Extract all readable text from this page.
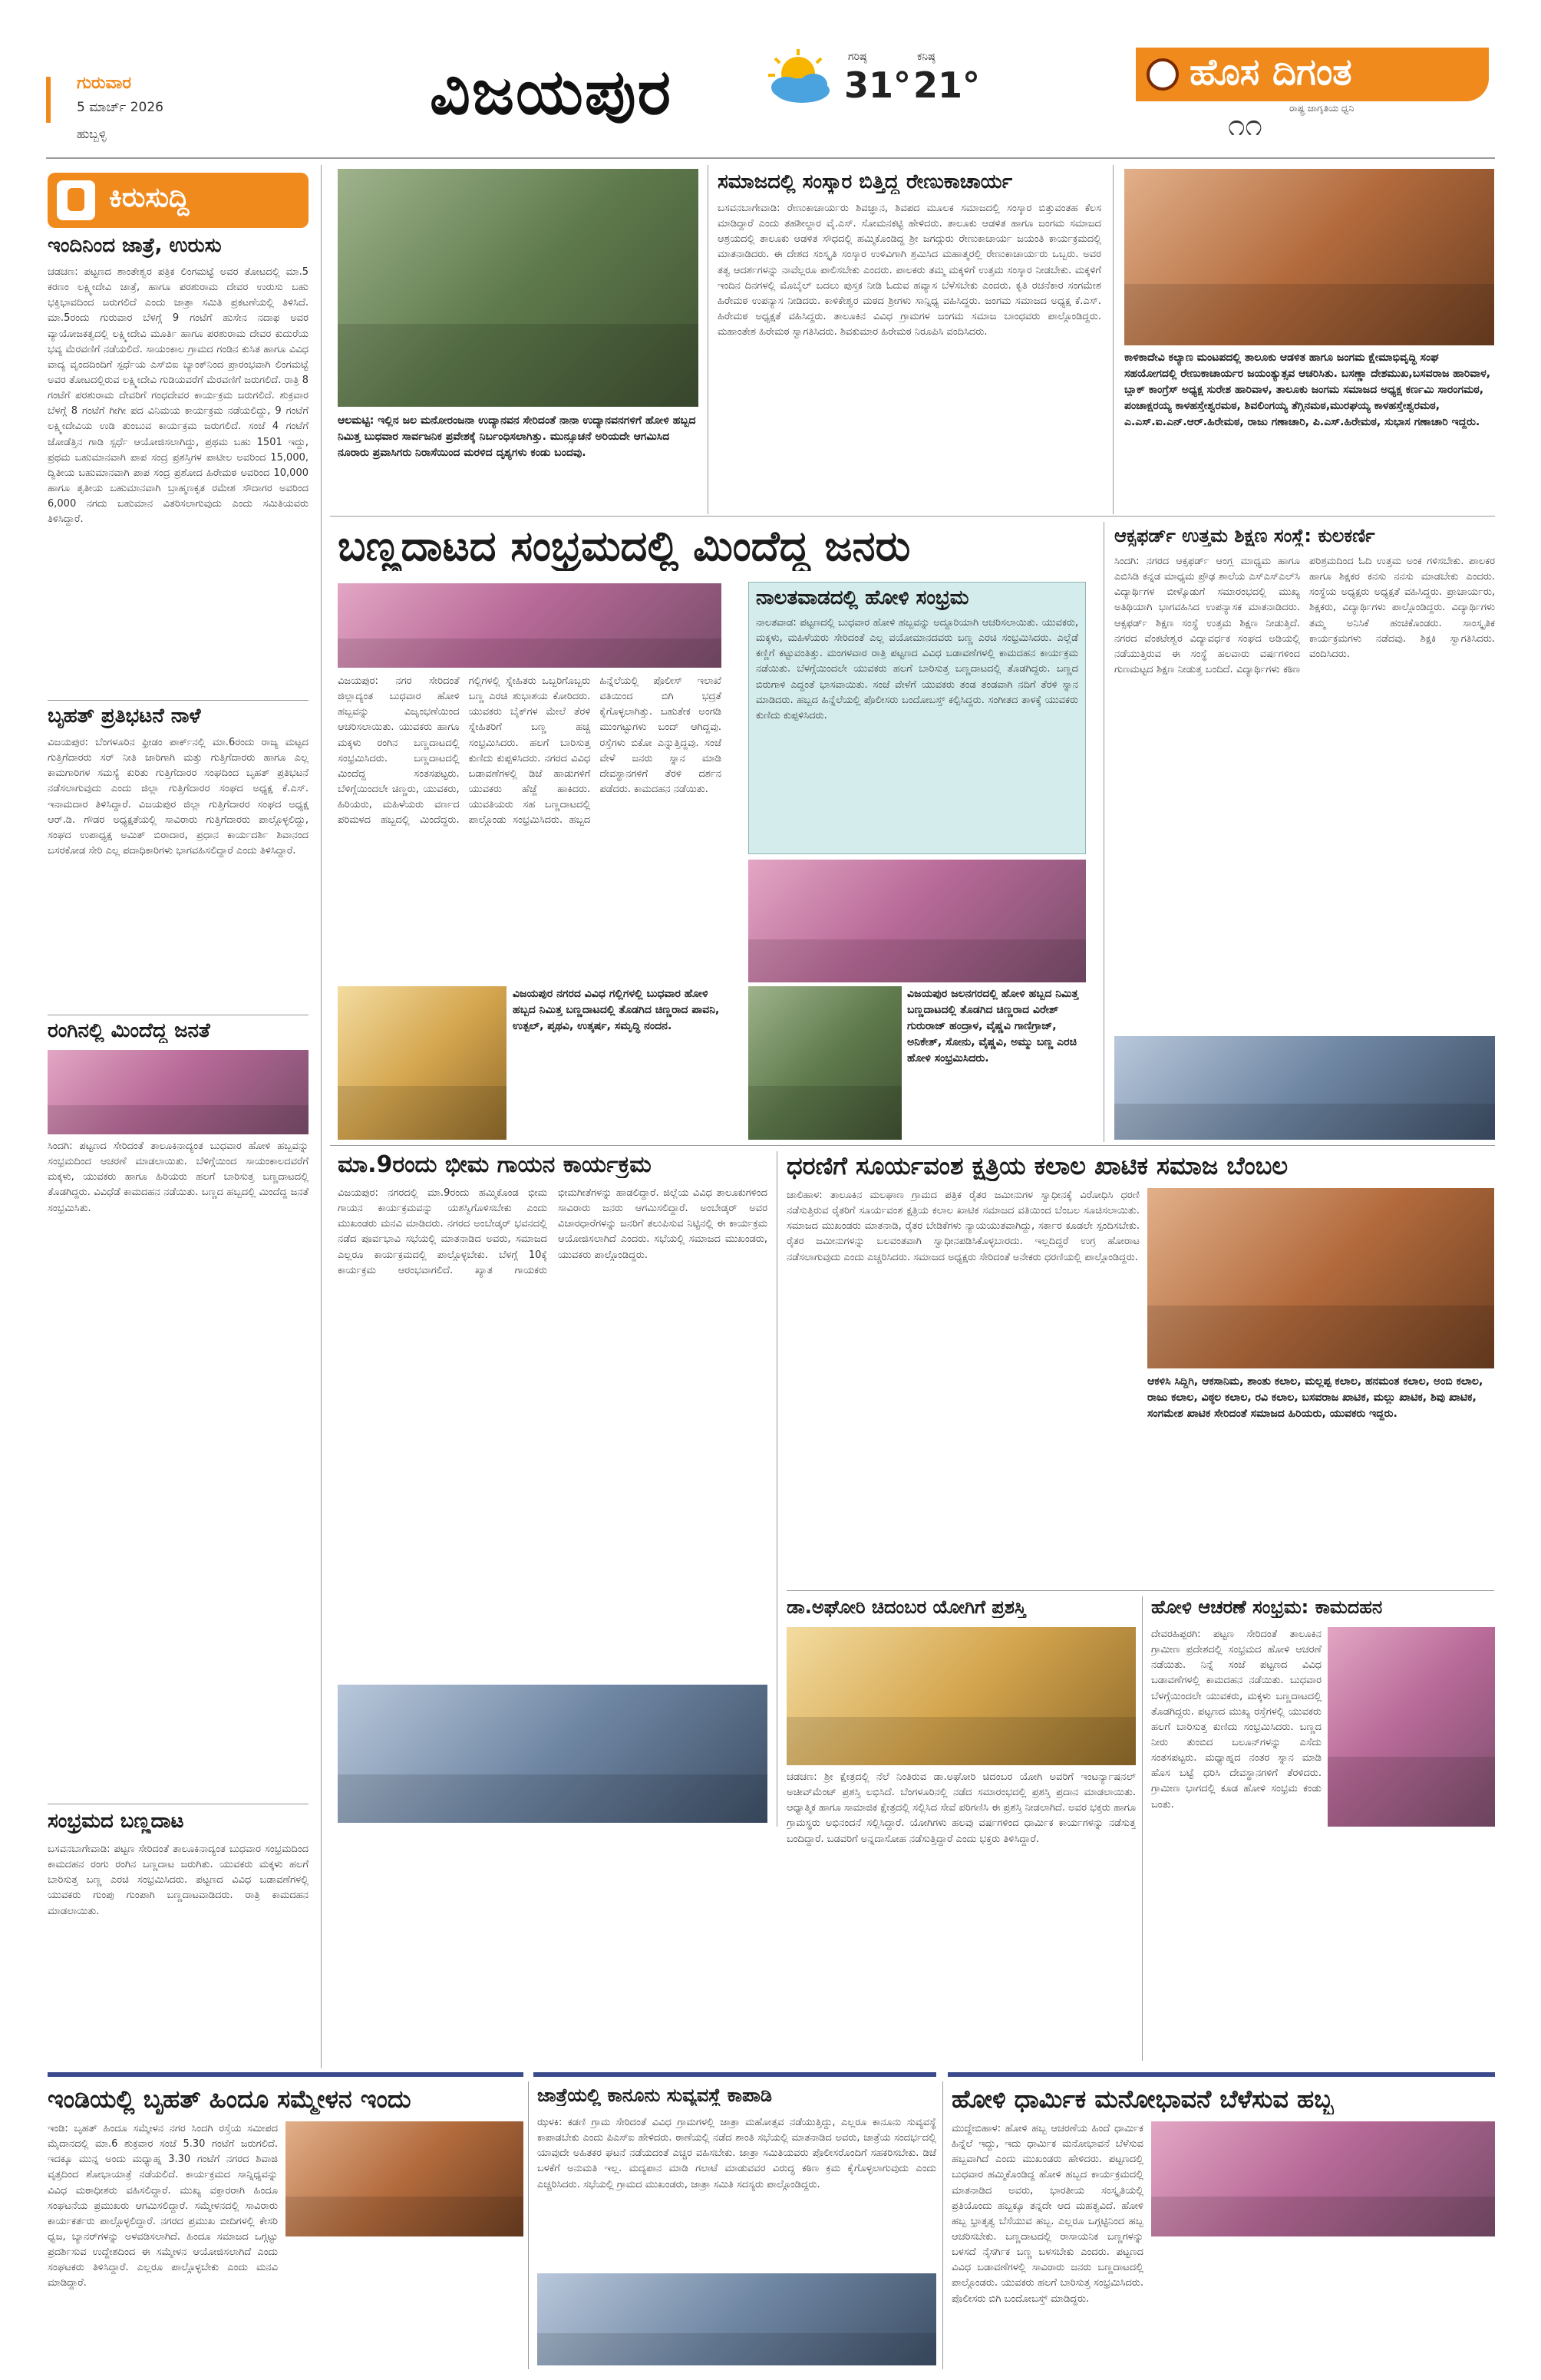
ಗುರುವಾರ
5 ಮಾರ್ಚ್ 2026
ಹುಬ್ಬಳ್ಳಿ
ವಿಜಯಪುರ	ಗರಿಷ್ಠ
31°
ಕನಿಷ್ಠ
21°	ಹೊಸ ದಿಗಂತ
ರಾಷ್ಟ್ರ ಜಾಗೃತಿಯ ಧ್ವನಿ
೧೧
ಕಿರುಸುದ್ದಿ
ಇಂದಿನಿಂದ ಜಾತ್ರೆ, ಉರುಸು
ಚಡಚಣ: ಪಟ್ಟಣದ ಶಾಂತೇಶ್ವರ ಪತ್ರಿಕ ಲಿಂಗಮಟ್ಟೆ ಅವರ ತೋಟದಲ್ಲಿ ಮಾ.5 ಕರಣಂ ಲಕ್ಷ್ಮೀದೇವಿ ಜಾತ್ರೆ, ಹಾಗೂ ಪರಶುರಾಮ ದೇವರ ಉರುಸು ಬಹು ಭಕ್ತಿಭಾವದಿಂದ ಜರುಗಲಿದೆ ಎಂದು ಜಾತ್ರಾ ಸಮಿತಿ ಪ್ರಕಟಣೆಯಲ್ಲಿ ತಿಳಿಸಿದೆ. ಮಾ.5ರಂದು ಗುರುವಾರ ಬೆಳಗ್ಗೆ 9 ಗಂಟೆಗೆ ಹುಸೇನ ನದಾಫ ಅವರ ವ್ಯಾಯೋಜಕತ್ವದಲ್ಲಿ ಲಕ್ಷ್ಮೀದೇವಿ ಮೂರ್ತಿ ಹಾಗೂ ಪರಶುರಾಮ ದೇವರ ಕುದುರೆಯ ಭವ್ಯ ಮೆರವಣಿಗೆ ನಡೆಯಲಿದೆ. ಸಾಯಂಕಾಲ ಗ್ರಾಮದ ಗಂಡಿನ ಕುಸಿತ ಹಾಗೂ ವಿವಿಧ ವಾದ್ಯ ವೃಂದದಿಂದಿಗೆ ಸ್ಪರ್ಧೆಯ ಎಸ್‌ಬಿಐ ಬ್ಯಾಂಕ್‌ನಿಂದ ಪ್ರಾರಂಭವಾಗಿ ಲಿಂಗಮಟ್ಟೆ ಅವರ ತೋಟದಲ್ಲಿರುವ ಲಕ್ಷ್ಮೀದೇವಿ ಗುಡಿಯವರೆಗೆ ಮೆರವಣಿಗೆ ಜರುಗಲಿದೆ. ರಾತ್ರಿ 8 ಗಂಟೆಗೆ ಪರಶುರಾಮ ದೇವರಿಗೆ ಗಂಧದೇವರ ಕಾರ್ಯಕ್ರಮ ಜರುಗಲಿದೆ. ಶುಕ್ರವಾರ ಬೆಳಗ್ಗೆ 8 ಗಂಟೆಗೆ ಗೀಗೀ ಪದ ವಿನಿಮಯ ಕಾರ್ಯಕ್ರಮ ನಡೆಯಲಿದ್ದು, 9 ಗಂಟೆಗೆ ಲಕ್ಷ್ಮೀದೇವಿಯ ಉಡಿ ತುಂಬುವ ಕಾರ್ಯಕ್ರಮ ಜರುಗಲಿದೆ. ಸಂಜೆ 4 ಗಂಟೆಗೆ ಜೋಡೆತ್ತಿನ ಗಾಡಿ ಸ್ಪರ್ಧೆ ಆಯೋಜಿಸಲಾಗಿದ್ದು, ಪ್ರಥಮ ಬಹು 1501 ಇದ್ದು, ಪ್ರಥಮ ಬಹುಮಾನವಾಗಿ ಪಾಪ ಸಂದ್ರ ಪ್ರಶಸ್ತಿಗಳ ಪಾಟೀಲ ಅವರಿಂದ 15,000, ದ್ವಿತೀಯ ಬಹುಮಾನವಾಗಿ ಪಾಪ ಸಂದ್ರ ಪ್ರಶೋದ ಹಿರೇಮಠ ಅವರಿಂದ 10,000 ಹಾಗೂ ತೃತೀಯ ಬಹುಮಾನವಾಗಿ ಬ್ರಾಹ್ಮಣಕೃತ ರಮೇಶ ಸೌದಾಗರ ಅವರಿಂದ 6,000 ನಗದು ಬಹುಮಾನ ವಿತರಿಸಲಾಗುವುದು ಎಂದು ಸಮಿತಿಯವರು ತಿಳಿಸಿದ್ದಾರೆ.
ಬೃಹತ್ ಪ್ರತಿಭಟನೆ ನಾಳೆ
ವಿಜಯಪುರ: ಬೆಂಗಳೂರಿನ ಫ್ರೀಡಂ ಪಾರ್ಕ್‌ನಲ್ಲಿ ಮಾ.6ರಂದು ರಾಜ್ಯ ಮಟ್ಟದ ಗುತ್ತಿಗೆದಾರರು ಸರ್ ನೀತಿ ಜಾರಿಗಾಗಿ ಮತ್ತು ಗುತ್ತಿಗೆದಾರರು ಹಾಗೂ ಎಲ್ಲ ಕಾಮಗಾರಿಗಳ ಸಮಸ್ಯೆ ಕುರಿತು ಗುತ್ತಿಗೆದಾರರ ಸಂಘದಿಂದ ಬೃಹತ್ ಪ್ರತಿಭಟನೆ ನಡೆಸಲಾಗುವುದು ಎಂದು ಜಿಲ್ಲಾ ಗುತ್ತಿಗೆದಾರರ ಸಂಘದ ಅಧ್ಯಕ್ಷ ಕೆ.ಎಸ್. ಇನಾಮದಾರ ತಿಳಿಸಿದ್ದಾರೆ. ವಿಜಯಪುರ ಜಿಲ್ಲಾ ಗುತ್ತಿಗೆದಾರರ ಸಂಘದ ಅಧ್ಯಕ್ಷ ಆರ್.ಡಿ. ಗೌಡರ ಅಧ್ಯಕ್ಷತೆಯಲ್ಲಿ ಸಾವಿರಾರು ಗುತ್ತಿಗೆದಾರರು ಪಾಲ್ಗೊಳ್ಳಲಿದ್ದು, ಸಂಘದ ಉಪಾಧ್ಯಕ್ಷ ಅಮಿತ್ ಬಿರಾದಾರ, ಪ್ರಧಾನ ಕಾರ್ಯದರ್ಶಿ ಶಿವಾನಂದ ಬಸರಕೋಡ ಸೇರಿ ಎಲ್ಲ ಪದಾಧಿಕಾರಿಗಳು ಭಾಗವಹಿಸಲಿದ್ದಾರೆ ಎಂದು ತಿಳಿಸಿದ್ದಾರೆ.
ರಂಗಿನಲ್ಲಿ ಮಿಂದೆದ್ದ ಜನತೆ
ಸಿಂದಗಿ: ಪಟ್ಟಣದ ಸೇರಿದಂತೆ ತಾಲೂಕಿನಾದ್ಯಂತ ಬುಧವಾರ ಹೋಳಿ ಹಬ್ಬವನ್ನು ಸಂಭ್ರಮದಿಂದ ಆಚರಣೆ ಮಾಡಲಾಯಿತು. ಬೆಳಿಗ್ಗೆಯಿಂದ ಸಾಯಂಕಾಲದವರೆಗೆ ಮಕ್ಕಳು, ಯುವಕರು ಹಾಗೂ ಹಿರಿಯರು ಹಲಗೆ ಬಾರಿಸುತ್ತ ಬಣ್ಣದಾಟದಲ್ಲಿ ತೊಡಗಿದ್ದರು. ವಿವಿಧೆಡೆ ಕಾಮದಹನ ನಡೆಯಿತು. ಬಣ್ಣದ ಹಬ್ಬದಲ್ಲಿ ಮಿಂದೆದ್ದ ಜನತೆ ಸಂಭ್ರಮಿಸಿತು.
ಸಂಭ್ರಮದ ಬಣ್ಣದಾಟ
ಬಸವನಬಾಗೇವಾಡಿ: ಪಟ್ಟಣ ಸೇರಿದಂತೆ ತಾಲೂಕಿನಾದ್ಯಂತ ಬುಧವಾರ ಸಂಭ್ರಮದಿಂದ ಕಾಮದಹನ ರಂಗು ರಂಗಿನ ಬಣ್ಣದಾಟ ಜರುಗಿತು. ಯುವಕರು ಮಕ್ಕಳು ಹಲಗೆ ಬಾರಿಸುತ್ತ ಬಣ್ಣ ಎರಚಿ ಸಂಭ್ರಮಿಸಿದರು. ಪಟ್ಟಣದ ವಿವಿಧ ಬಡಾವಣೆಗಳಲ್ಲಿ ಯುವಕರು ಗುಂಪು ಗುಂಪಾಗಿ ಬಣ್ಣದಾಟವಾಡಿದರು. ರಾತ್ರಿ ಕಾಮದಹನ ಮಾಡಲಾಯಿತು.
ಆಲಮಟ್ಟಿ: ಇಲ್ಲಿನ ಜಲ ಮನೋರಂಜನಾ ಉದ್ಯಾನವನ ಸೇರಿದಂತೆ ನಾನಾ ಉದ್ಯಾನವನಗಳಿಗೆ ಹೋಳಿ ಹಬ್ಬದ ನಿಮಿತ್ತ ಬುಧವಾರ ಸಾರ್ವಜನಿಕ ಪ್ರವೇಶಕ್ಕೆ ನಿರ್ಬಂಧಿಸಲಾಗಿತ್ತು. ಮುನ್ಸೂಚನೆ ಅರಿಯದೇ ಆಗಮಿಸಿದ ನೂರಾರು ಪ್ರವಾಸಿಗರು ನಿರಾಸೆಯಿಂದ ಮರಳಿದ ದೃಶ್ಯಗಳು ಕಂಡು ಬಂದವು.
ಸಮಾಜದಲ್ಲಿ ಸಂಸ್ಕಾರ ಬಿತ್ತಿದ್ದ ರೇಣುಕಾಚಾರ್ಯ
ಬಸವನಬಾಗೇವಾಡಿ: ರೇಣುಕಾಚಾರ್ಯರು ಶಿವಜ್ಞಾನ, ಶಿವಪದ ಮೂಲಕ ಸಮಾಜದಲ್ಲಿ ಸಂಸ್ಕಾರ ಬಿತ್ತುವಂತಹ ಕೆಲಸ ಮಾಡಿದ್ದಾರೆ ಎಂದು ತಹಶೀಲ್ದಾರ ವೈ.ಎಸ್. ಸೋಮನಕಟ್ಟಿ ಹೇಳಿದರು. ತಾಲೂಕು ಆಡಳಿತ ಹಾಗೂ ಜಂಗಮ ಸಮಾಜದ ಆಶ್ರಯದಲ್ಲಿ ತಾಲೂಕು ಆಡಳಿತ ಸೌಧದಲ್ಲಿ ಹಮ್ಮಿಕೊಂಡಿದ್ದ ಶ್ರೀ ಜಗದ್ಗುರು ರೇಣುಕಾಚಾರ್ಯ ಜಯಂತಿ ಕಾರ್ಯಕ್ರಮದಲ್ಲಿ ಮಾತನಾಡಿದರು. ಈ ದೇಶದ ಸಂಸ್ಕೃತಿ ಸಂಸ್ಕಾರ ಉಳಿವಿಗಾಗಿ ಶ್ರಮಿಸಿದ ಮಹಾತ್ಮರಲ್ಲಿ ರೇಣುಕಾಚಾರ್ಯರು ಒಬ್ಬರು. ಅವರ ತತ್ವ ಆದರ್ಶಗಳನ್ನು ನಾವೆಲ್ಲರೂ ಪಾಲಿಸಬೇಕು ಎಂದರು. ಪಾಲಕರು ತಮ್ಮ ಮಕ್ಕಳಿಗೆ ಉತ್ತಮ ಸಂಸ್ಕಾರ ನೀಡಬೇಕು. ಮಕ್ಕಳಿಗೆ ಇಂದಿನ ದಿನಗಳಲ್ಲಿ ಮೊಬೈಲ್ ಬದಲು ಪುಸ್ತಕ ನೀಡಿ ಓದುವ ಹವ್ಯಾಸ ಬೆಳೆಸಬೇಕು ಎಂದರು. ಕೃತಿ ರಚನೆಕಾರ ಸಂಗಮೇಶ ಹಿರೇಮಠ ಉಪನ್ಯಾಸ ನೀಡಿದರು. ಕಾಳಿಕೇಶ್ವರ ಮಠದ ಶ್ರೀಗಳು ಸಾನ್ನಿಧ್ಯ ವಹಿಸಿದ್ದರು. ಜಂಗಮ ಸಮಾಜದ ಅಧ್ಯಕ್ಷ ಕೆ.ಎಸ್. ಹಿರೇಮಠ ಅಧ್ಯಕ್ಷತೆ ವಹಿಸಿದ್ದರು. ತಾಲೂಕಿನ ವಿವಿಧ ಗ್ರಾಮಗಳ ಜಂಗಮ ಸಮಾಜ ಬಾಂಧವರು ಪಾಲ್ಗೊಂಡಿದ್ದರು. ಮಹಾಂತೇಶ ಹಿರೇಮಠ ಸ್ವಾಗತಿಸಿದರು. ಶಿವಕುಮಾರ ಹಿರೇಮಠ ನಿರೂಪಿಸಿ ವಂದಿಸಿದರು.
ಕಾಳಿಕಾದೇವಿ ಕಲ್ಯಾಣ ಮಂಟಪದಲ್ಲಿ ತಾಲೂಕು ಆಡಳಿತ ಹಾಗೂ ಜಂಗಮ ಕ್ಷೇಮಾಭಿವೃದ್ಧಿ ಸಂಘ ಸಹಯೋಗದಲ್ಲಿ ರೇಣುಕಾಚಾರ್ಯರ ಜಯಂತ್ಯುತ್ಸವ ಆಚರಿಸಿತು. ಬಸಣ್ಣಾ ದೇಶಮುಖ,ಬಸವರಾಜ ಹಾರಿವಾಳ, ಬ್ಲಾಕ್ ಕಾಂಗ್ರೆಸ್ ಅಧ್ಯಕ್ಷ ಸುರೇಶ ಹಾರಿವಾಳ, ತಾಲೂಕು ಜಂಗಮ ಸಮಾಜದ ಅಧ್ಯಕ್ಷ ಕರ್ಣಮಿ ಸಾರಂಗಮಠ, ಪಂಚಾಕ್ಷರಯ್ಯ ಕಾಳಹಸ್ತೇಶ್ವರಮಠ, ಶಿವಲಿಂಗಯ್ಯ ತೆಗ್ಗಿನಮಠ,ಮುರಘಯ್ಯ ಕಾಳಹಸ್ತೇಶ್ವರಮಠ, ಎ.ಎಸ್.ಐ.ಎನ್.ಆರ್.ಹಿರೇಮಠ, ರಾಜು ಗಣಾಚಾರಿ, ಪಿ.ಎಸ್.ಹಿರೇಮಠ, ಸುಭಾಸ ಗಣಾಚಾರಿ ಇದ್ದರು.
ಬಣ್ಣದಾಟದ ಸಂಭ್ರಮದಲ್ಲಿ ಮಿಂದೆದ್ದ ಜನರು
ವಿಜಯಪುರ: ನಗರ ಸೇರಿದಂತೆ ಜಿಲ್ಲಾದ್ಯಂತ ಬುಧವಾರ ಹೋಳಿ ಹಬ್ಬವನ್ನು ವಿಜೃಂಭಣೆಯಿಂದ ಆಚರಿಸಲಾಯಿತು. ಯುವಕರು ಹಾಗೂ ಮಕ್ಕಳು ರಂಗಿನ ಬಣ್ಣದಾಟದಲ್ಲಿ ಸಂಭ್ರಮಿಸಿದರು. ಬಣ್ಣದಾಟದಲ್ಲಿ ಮಿಂದೆದ್ದ ಸಂತಸಪಟ್ಟರು. ಬೆಳಿಗ್ಗೆಯಿಂದಲೇ ಚಿಣ್ಣರು, ಯುವಕರು, ಹಿರಿಯರು, ಮಹಿಳೆಯರು ವರ್ಣದ ಪರಿಮಳದ ಹಬ್ಬದಲ್ಲಿ ಮಿಂದೆದ್ದರು. ಗಲ್ಲಿಗಳಲ್ಲಿ ಸ್ನೇಹಿತರು ಒಬ್ಬರಿಗೊಬ್ಬರು ಬಣ್ಣ ಎರಚಿ ಶುಭಾಶಯ ಕೋರಿದರು. ಯುವಕರು ಬೈಕ್‌ಗಳ ಮೇಲೆ ತೆರಳಿ ಸ್ನೇಹಿತರಿಗೆ ಬಣ್ಣ ಹಚ್ಚಿ ಸಂಭ್ರಮಿಸಿದರು. ಹಲಗೆ ಬಾರಿಸುತ್ತ ಕುಣಿದು ಕುಪ್ಪಳಿಸಿದರು. ನಗರದ ವಿವಿಧ ಬಡಾವಣೆಗಳಲ್ಲಿ ಡಿಜೆ ಹಾಡುಗಳಿಗೆ ಯುವಕರು ಹೆಜ್ಜೆ ಹಾಕಿದರು. ಯುವತಿಯರು ಸಹ ಬಣ್ಣದಾಟದಲ್ಲಿ ಪಾಲ್ಗೊಂಡು ಸಂಭ್ರಮಿಸಿದರು. ಹಬ್ಬದ ಹಿನ್ನೆಲೆಯಲ್ಲಿ ಪೊಲೀಸ್ ಇಲಾಖೆ ವತಿಯಿಂದ ಬಿಗಿ ಭದ್ರತೆ ಕೈಗೊಳ್ಳಲಾಗಿತ್ತು. ಬಹುತೇಕ ಅಂಗಡಿ ಮುಂಗಟ್ಟುಗಳು ಬಂದ್ ಆಗಿದ್ದವು. ರಸ್ತೆಗಳು ಬಿಕೋ ಎನ್ನುತ್ತಿದ್ದವು. ಸಂಜೆ ವೇಳೆ ಜನರು ಸ್ನಾನ ಮಾಡಿ ದೇವಸ್ಥಾನಗಳಿಗೆ ತೆರಳಿ ದರ್ಶನ ಪಡೆದರು. ಕಾಮದಹನ ನಡೆಯಿತು.
ವಿಜಯಪುರ ನಗರದ ವಿವಿಧ ಗಲ್ಲಿಗಳಲ್ಲಿ ಬುಧವಾರ ಹೋಳಿ ಹಬ್ಬದ ನಿಮಿತ್ತ ಬಣ್ಣದಾಟದಲ್ಲಿ ತೊಡಗಿದ ಚಿಣ್ಣರಾದ ಪಾವನಿ, ಉತ್ಪಲ್, ಪೃಥವಿ, ಉತ್ಕರ್ಷ, ಸಮೃದ್ಧಿ ನಂದನ.
ನಾಲತವಾಡದಲ್ಲಿ ಹೋಳಿ ಸಂಭ್ರಮ
ನಾಲತವಾಡ: ಪಟ್ಟಣದಲ್ಲಿ ಬುಧವಾರ ಹೋಳಿ ಹಬ್ಬವನ್ನು ಅದ್ದೂರಿಯಾಗಿ ಆಚರಿಸಲಾಯಿತು. ಯುವಕರು, ಮಕ್ಕಳು, ಮಹಿಳೆಯರು ಸೇರಿದಂತೆ ಎಲ್ಲ ವಯೋಮಾನದವರು ಬಣ್ಣ ಎರಚಿ ಸಂಭ್ರಮಿಸಿದರು. ಎಲ್ಲೆಡೆ ಕಣ್ಣಿಗೆ ಕಟ್ಟುವಂತಿತ್ತು. ಮಂಗಳವಾರ ರಾತ್ರಿ ಪಟ್ಟಣದ ವಿವಿಧ ಬಡಾವಣೆಗಳಲ್ಲಿ ಕಾಮದಹನ ಕಾರ್ಯಕ್ರಮ ನಡೆಯಿತು. ಬೆಳಗ್ಗೆಯಿಂದಲೇ ಯುವಕರು ಹಲಗೆ ಬಾರಿಸುತ್ತ ಬಣ್ಣದಾಟದಲ್ಲಿ ತೊಡಗಿದ್ದರು. ಬಣ್ಣದ ಬಿರುಗಾಳಿ ಎದ್ದಂತೆ ಭಾಸವಾಯಿತು. ಸಂಜೆ ವೇಳೆಗೆ ಯುವಕರು ತಂಡ ತಂಡವಾಗಿ ನದಿಗೆ ತೆರಳಿ ಸ್ನಾನ ಮಾಡಿದರು. ಹಬ್ಬದ ಹಿನ್ನೆಲೆಯಲ್ಲಿ ಪೊಲೀಸರು ಬಂದೋಬಸ್ತ್ ಕಲ್ಪಿಸಿದ್ದರು. ಸಂಗೀತದ ತಾಳಕ್ಕೆ ಯುವಕರು ಕುಣಿದು ಕುಪ್ಪಳಿಸಿದರು.
ವಿಜಯಪುರ ಜಲನಗರದಲ್ಲಿ ಹೋಳಿ ಹಬ್ಬದ ನಿಮಿತ್ತ ಬಣ್ಣದಾಟದಲ್ಲಿ ತೊಡಗಿದ ಚಿಣ್ಣರಾದ ವಿರೇಶ್ ಗುರುರಾಜ್ ಹಂದ್ರಾಳ, ವೈಷ್ಣವಿ ಗಾಣಿಗ್ರಾಜ್, ಅನಿಕೇತ್, ಸೋನು, ವೈಷ್ಣವಿ, ಅಮ್ಮು ಬಣ್ಣ ಎರಚಿ ಹೋಳಿ ಸಂಭ್ರಮಿಸಿದರು.
ಆಕ್ಸಫರ್ಡ್ ಉತ್ತಮ ಶಿಕ್ಷಣ ಸಂಸ್ಥೆ: ಕುಲಕರ್ಣಿ
ಸಿಂದಗಿ: ನಗರದ ಆಕ್ಸಫರ್ಡ್ ಆಂಗ್ಲ ಮಾಧ್ಯಮ ಹಾಗೂ ಎಬಿಸಿಡಿ ಕನ್ನಡ ಮಾಧ್ಯಮ ಪ್ರೌಢ ಶಾಲೆಯ ಎಸ್‌ಎಸ್‌ಎಲ್‌ಸಿ ವಿದ್ಯಾರ್ಥಿಗಳ ಬೀಳ್ಕೊಡುಗೆ ಸಮಾರಂಭದಲ್ಲಿ ಮುಖ್ಯ ಅತಿಥಿಯಾಗಿ ಭಾಗವಹಿಸಿದ ಉಪನ್ಯಾಸಕ ಮಾತನಾಡಿದರು. ಆಕ್ಸಫರ್ಡ್ ಶಿಕ್ಷಣ ಸಂಸ್ಥೆ ಉತ್ತಮ ಶಿಕ್ಷಣ ನೀಡುತ್ತಿದೆ. ನಗರದ ವೆಂಕಟೇಶ್ವರ ವಿದ್ಯಾವರ್ಧಕ ಸಂಘದ ಅಡಿಯಲ್ಲಿ ನಡೆಯುತ್ತಿರುವ ಈ ಸಂಸ್ಥೆ ಹಲವಾರು ವರ್ಷಗಳಿಂದ ಗುಣಮಟ್ಟದ ಶಿಕ್ಷಣ ನೀಡುತ್ತ ಬಂದಿದೆ. ವಿದ್ಯಾರ್ಥಿಗಳು ಕಠಿಣ ಪರಿಶ್ರಮದಿಂದ ಓದಿ ಉತ್ತಮ ಅಂಕ ಗಳಿಸಬೇಕು. ಪಾಲಕರ ಹಾಗೂ ಶಿಕ್ಷಕರ ಕನಸು ನನಸು ಮಾಡಬೇಕು ಎಂದರು. ಸಂಸ್ಥೆಯ ಅಧ್ಯಕ್ಷರು ಅಧ್ಯಕ್ಷತೆ ವಹಿಸಿದ್ದರು. ಪ್ರಾಚಾರ್ಯರು, ಶಿಕ್ಷಕರು, ವಿದ್ಯಾರ್ಥಿಗಳು ಪಾಲ್ಗೊಂಡಿದ್ದರು. ವಿದ್ಯಾರ್ಥಿಗಳು ತಮ್ಮ ಅನಿಸಿಕೆ ಹಂಚಿಕೊಂಡರು. ಸಾಂಸ್ಕೃತಿಕ ಕಾರ್ಯಕ್ರಮಗಳು ನಡೆದವು. ಶಿಕ್ಷಕಿ ಸ್ವಾಗತಿಸಿದರು. ವಂದಿಸಿದರು.
ಮಾ.9ರಂದು ಭೀಮ ಗಾಯನ ಕಾರ್ಯಕ್ರಮ
ವಿಜಯಪುರ: ನಗರದಲ್ಲಿ ಮಾ.9ರಂದು ಹಮ್ಮಿಕೊಂಡ ಭೀಮ ಗಾಯನ ಕಾರ್ಯಕ್ರಮವನ್ನು ಯಶಸ್ವಿಗೊಳಿಸಬೇಕು ಎಂದು ಮುಖಂಡರು ಮನವಿ ಮಾಡಿದರು. ನಗರದ ಅಂಬೇಡ್ಕರ್ ಭವನದಲ್ಲಿ ನಡೆದ ಪೂರ್ವಭಾವಿ ಸಭೆಯಲ್ಲಿ ಮಾತನಾಡಿದ ಅವರು, ಸಮಾಜದ ಎಲ್ಲರೂ ಕಾರ್ಯಕ್ರಮದಲ್ಲಿ ಪಾಲ್ಗೊಳ್ಳಬೇಕು. ಬೆಳಗ್ಗೆ 10ಕ್ಕೆ ಕಾರ್ಯಕ್ರಮ ಆರಂಭವಾಗಲಿದೆ. ಖ್ಯಾತ ಗಾಯಕರು ಭೀಮಗೀತೆಗಳನ್ನು ಹಾಡಲಿದ್ದಾರೆ. ಜಿಲ್ಲೆಯ ವಿವಿಧ ತಾಲೂಕುಗಳಿಂದ ಸಾವಿರಾರು ಜನರು ಆಗಮಿಸಲಿದ್ದಾರೆ. ಅಂಬೇಡ್ಕರ್ ಅವರ ವಿಚಾರಧಾರೆಗಳನ್ನು ಜನರಿಗೆ ತಲುಪಿಸುವ ನಿಟ್ಟಿನಲ್ಲಿ ಈ ಕಾರ್ಯಕ್ರಮ ಆಯೋಜಿಸಲಾಗಿದೆ ಎಂದರು. ಸಭೆಯಲ್ಲಿ ಸಮಾಜದ ಮುಖಂಡರು, ಯುವಕರು ಪಾಲ್ಗೊಂಡಿದ್ದರು.
ಧರಣಿಗೆ ಸೂರ್ಯವಂಶ ಕ್ಷತ್ರಿಯ ಕಲಾಲ ಖಾಟಿಕ ಸಮಾಜ ಬೆಂಬಲ
ಜಾಲಿಹಾಳ: ತಾಲೂಕಿನ ಮಲಘಾಣ ಗ್ರಾಮದ ಪತ್ರಿಕ ರೈತರ ಜಮೀನುಗಳ ಸ್ವಾಧೀನಕ್ಕೆ ವಿರೋಧಿಸಿ ಧರಣಿ ನಡೆಸುತ್ತಿರುವ ರೈತರಿಗೆ ಸೂರ್ಯವಂಶ ಕ್ಷತ್ರಿಯ ಕಲಾಲ ಖಾಟಿಕ ಸಮಾಜದ ವತಿಯಿಂದ ಬೆಂಬಲ ಸೂಚಿಸಲಾಯಿತು. ಸಮಾಜದ ಮುಖಂಡರು ಮಾತನಾಡಿ, ರೈತರ ಬೇಡಿಕೆಗಳು ನ್ಯಾಯಯುತವಾಗಿದ್ದು, ಸರ್ಕಾರ ಕೂಡಲೇ ಸ್ಪಂದಿಸಬೇಕು. ರೈತರ ಜಮೀನುಗಳನ್ನು ಬಲವಂತವಾಗಿ ಸ್ವಾಧೀನಪಡಿಸಿಕೊಳ್ಳಬಾರದು. ಇಲ್ಲದಿದ್ದರೆ ಉಗ್ರ ಹೋರಾಟ ನಡೆಸಲಾಗುವುದು ಎಂದು ಎಚ್ಚರಿಸಿದರು. ಸಮಾಜದ ಅಧ್ಯಕ್ಷರು ಸೇರಿದಂತೆ ಅನೇಕರು ಧರಣಿಯಲ್ಲಿ ಪಾಲ್ಗೊಂಡಿದ್ದರು.
ಆಕಳಿಸಿ ಸಿದ್ದಿಗಿ, ಆಕಸಾನಿಮ, ಶಾಂತು ಕಲಾಲ, ಮಲ್ಲಪ್ಪ ಕಲಾಲ, ಹನಮಂತ ಕಲಾಲ, ಅಂಬಿ ಕಲಾಲ, ರಾಜು ಕಲಾಲ, ವಿಠ್ಠಲ ಕಲಾಲ, ರವಿ ಕಲಾಲ, ಬಸವರಾಜ ಖಾಟಿಕ, ಮಲ್ಲು ಖಾಟಿಕ, ಶಿವು ಖಾಟಿಕ, ಸಂಗಮೇಶ ಖಾಟಿಕ ಸೇರಿದಂತೆ ಸಮಾಜದ ಹಿರಿಯರು, ಯುವಕರು ಇದ್ದರು.
ಡಾ.ಅಘೋರಿ ಚಿದಂಬರ ಯೋಗಿಗೆ ಪ್ರಶಸ್ತಿ
ಚಡಚಣ: ಶ್ರೀ ಕ್ಷೇತ್ರದಲ್ಲಿ ನೆಲೆ ನಿಂತಿರುವ ಡಾ.ಅಘೋರಿ ಚಿದಂಬರ ಯೋಗಿ ಅವರಿಗೆ ಇಂಟರ್ನ್ಯಾಷನಲ್ ಅಚೀವ್‌ಮೆಂಟ್ ಪ್ರಶಸ್ತಿ ಲಭಿಸಿದೆ. ಬೆಂಗಳೂರಿನಲ್ಲಿ ನಡೆದ ಸಮಾರಂಭದಲ್ಲಿ ಪ್ರಶಸ್ತಿ ಪ್ರದಾನ ಮಾಡಲಾಯಿತು. ಆಧ್ಯಾತ್ಮಿಕ ಹಾಗೂ ಸಾಮಾಜಿಕ ಕ್ಷೇತ್ರದಲ್ಲಿ ಸಲ್ಲಿಸಿದ ಸೇವೆ ಪರಿಗಣಿಸಿ ಈ ಪ್ರಶಸ್ತಿ ನೀಡಲಾಗಿದೆ. ಅವರ ಭಕ್ತರು ಹಾಗೂ ಗ್ರಾಮಸ್ಥರು ಅಭಿನಂದನೆ ಸಲ್ಲಿಸಿದ್ದಾರೆ. ಯೋಗಿಗಳು ಹಲವು ವರ್ಷಗಳಿಂದ ಧಾರ್ಮಿಕ ಕಾರ್ಯಗಳನ್ನು ನಡೆಸುತ್ತ ಬಂದಿದ್ದಾರೆ. ಬಡವರಿಗೆ ಅನ್ನದಾಸೋಹ ನಡೆಸುತ್ತಿದ್ದಾರೆ ಎಂದು ಭಕ್ತರು ತಿಳಿಸಿದ್ದಾರೆ.
ಹೋಳಿ ಆಚರಣೆ ಸಂಭ್ರಮ: ಕಾಮದಹನ
ದೇವರಹಿಪ್ಪರಗಿ: ಪಟ್ಟಣ ಸೇರಿದಂತೆ ತಾಲೂಕಿನ ಗ್ರಾಮೀಣ ಪ್ರದೇಶದಲ್ಲಿ ಸಂಭ್ರಮದ ಹೋಳಿ ಆಚರಣೆ ನಡೆಯಿತು. ನಿನ್ನೆ ಸಂಜೆ ಪಟ್ಟಣದ ವಿವಿಧ ಬಡಾವಣೆಗಳಲ್ಲಿ ಕಾಮದಹನ ನಡೆಯಿತು. ಬುಧವಾರ ಬೆಳಗ್ಗೆಯಿಂದಲೇ ಯುವಕರು, ಮಕ್ಕಳು ಬಣ್ಣದಾಟದಲ್ಲಿ ತೊಡಗಿದ್ದರು. ಪಟ್ಟಣದ ಮುಖ್ಯ ರಸ್ತೆಗಳಲ್ಲಿ ಯುವಕರು ಹಲಗೆ ಬಾರಿಸುತ್ತ ಕುಣಿದು ಸಂಭ್ರಮಿಸಿದರು. ಬಣ್ಣದ ನೀರು ತುಂಬಿದ ಬಲೂನ್‌ಗಳನ್ನು ಎಸೆದು ಸಂತಸಪಟ್ಟರು. ಮಧ್ಯಾಹ್ನದ ನಂತರ ಸ್ನಾನ ಮಾಡಿ ಹೊಸ ಬಟ್ಟೆ ಧರಿಸಿ ದೇವಸ್ಥಾನಗಳಿಗೆ ತೆರಳಿದರು. ಗ್ರಾಮೀಣ ಭಾಗದಲ್ಲಿ ಕೂಡ ಹೋಳಿ ಸಂಭ್ರಮ ಕಂಡು ಬಂತು.
ಇಂಡಿಯಲ್ಲಿ ಬೃಹತ್ ಹಿಂದೂ ಸಮ್ಮೇಳನ ಇಂದು
ಇಂಡಿ: ಬೃಹತ್ ಹಿಂದೂ ಸಮ್ಮೇಳನ ನಗರ ಸಿಂದಗಿ ರಸ್ತೆಯ ಸಮೀಪದ ಮೈದಾನದಲ್ಲಿ ಮಾ.6 ಶುಕ್ರವಾರ ಸಂಜೆ 5.30 ಗಂಟೆಗೆ ಜರುಗಲಿದೆ. ಇದಕ್ಕೂ ಮುನ್ನ ಅಂದು ಮಧ್ಯಾಹ್ನ 3.30 ಗಂಟೆಗೆ ನಗರದ ಶಿವಾಜಿ ವೃತ್ತದಿಂದ ಶೋಭಾಯಾತ್ರೆ ನಡೆಯಲಿದೆ. ಕಾರ್ಯಕ್ರಮದ ಸಾನ್ನಿಧ್ಯವನ್ನು ವಿವಿಧ ಮಠಾಧೀಶರು ವಹಿಸಲಿದ್ದಾರೆ. ಮುಖ್ಯ ವಕ್ತಾರರಾಗಿ ಹಿಂದೂ ಸಂಘಟನೆಯ ಪ್ರಮುಖರು ಆಗಮಿಸಲಿದ್ದಾರೆ. ಸಮ್ಮೇಳನದಲ್ಲಿ ಸಾವಿರಾರು ಕಾರ್ಯಕರ್ತರು ಪಾಲ್ಗೊಳ್ಳಲಿದ್ದಾರೆ. ನಗರದ ಪ್ರಮುಖ ಬೀದಿಗಳಲ್ಲಿ ಕೇಸರಿ ಧ್ವಜ, ಬ್ಯಾನರ್‌ಗಳನ್ನು ಅಳವಡಿಸಲಾಗಿದೆ. ಹಿಂದೂ ಸಮಾಜದ ಒಗ್ಗಟ್ಟು ಪ್ರದರ್ಶಿಸುವ ಉದ್ದೇಶದಿಂದ ಈ ಸಮ್ಮೇಳನ ಆಯೋಜಿಸಲಾಗಿದೆ ಎಂದು ಸಂಘಟಕರು ತಿಳಿಸಿದ್ದಾರೆ. ಎಲ್ಲರೂ ಪಾಲ್ಗೊಳ್ಳಬೇಕು ಎಂದು ಮನವಿ ಮಾಡಿದ್ದಾರೆ.
ಜಾತ್ರೆಯಲ್ಲಿ ಕಾನೂನು ಸುವ್ಯವಸ್ಥೆ ಕಾಪಾಡಿ
ಝಳಕಿ: ಕಡಣಿ ಗ್ರಾಮ ಸೇರಿದಂತೆ ವಿವಿಧ ಗ್ರಾಮಗಳಲ್ಲಿ ಜಾತ್ರಾ ಮಹೋತ್ಸವ ನಡೆಯುತ್ತಿದ್ದು, ಎಲ್ಲರೂ ಕಾನೂನು ಸುವ್ಯವಸ್ಥೆ ಕಾಪಾಡಬೇಕು ಎಂದು ಪಿಎಸ್‌ಐ ಹೇಳಿದರು. ಠಾಣೆಯಲ್ಲಿ ನಡೆದ ಶಾಂತಿ ಸಭೆಯಲ್ಲಿ ಮಾತನಾಡಿದ ಅವರು, ಜಾತ್ರೆಯ ಸಂದರ್ಭದಲ್ಲಿ ಯಾವುದೇ ಅಹಿತಕರ ಘಟನೆ ನಡೆಯದಂತೆ ಎಚ್ಚರ ವಹಿಸಬೇಕು. ಜಾತ್ರಾ ಸಮಿತಿಯವರು ಪೊಲೀಸರೊಂದಿಗೆ ಸಹಕರಿಸಬೇಕು. ಡಿಜೆ ಬಳಕೆಗೆ ಅನುಮತಿ ಇಲ್ಲ. ಮದ್ಯಪಾನ ಮಾಡಿ ಗಲಾಟೆ ಮಾಡುವವರ ವಿರುದ್ಧ ಕಠಿಣ ಕ್ರಮ ಕೈಗೊಳ್ಳಲಾಗುವುದು ಎಂದು ಎಚ್ಚರಿಸಿದರು. ಸಭೆಯಲ್ಲಿ ಗ್ರಾಮದ ಮುಖಂಡರು, ಜಾತ್ರಾ ಸಮಿತಿ ಸದಸ್ಯರು ಪಾಲ್ಗೊಂಡಿದ್ದರು.
ಹೋಳಿ ಧಾರ್ಮಿಕ ಮನೋಭಾವನೆ ಬೆಳೆಸುವ ಹಬ್ಬ
ಮುದ್ದೇಬಿಹಾಳ: ಹೋಳಿ ಹಬ್ಬ ಆಚರಣೆಯ ಹಿಂದೆ ಧಾರ್ಮಿಕ ಹಿನ್ನೆಲೆ ಇದ್ದು, ಇದು ಧಾರ್ಮಿಕ ಮನೋಭಾವನೆ ಬೆಳೆಸುವ ಹಬ್ಬವಾಗಿದೆ ಎಂದು ಮುಖಂಡರು ಹೇಳಿದರು. ಪಟ್ಟಣದಲ್ಲಿ ಬುಧವಾರ ಹಮ್ಮಿಕೊಂಡಿದ್ದ ಹೋಳಿ ಹಬ್ಬದ ಕಾರ್ಯಕ್ರಮದಲ್ಲಿ ಮಾತನಾಡಿದ ಅವರು, ಭಾರತೀಯ ಸಂಸ್ಕೃತಿಯಲ್ಲಿ ಪ್ರತಿಯೊಂದು ಹಬ್ಬಕ್ಕೂ ತನ್ನದೇ ಆದ ಮಹತ್ವವಿದೆ. ಹೋಳಿ ಹಬ್ಬ ಭ್ರಾತೃತ್ವ ಬೆಸೆಯುವ ಹಬ್ಬ. ಎಲ್ಲರೂ ಒಗ್ಗಟ್ಟಿನಿಂದ ಹಬ್ಬ ಆಚರಿಸಬೇಕು. ಬಣ್ಣದಾಟದಲ್ಲಿ ರಾಸಾಯನಿಕ ಬಣ್ಣಗಳನ್ನು ಬಳಸದೆ ನೈಸರ್ಗಿಕ ಬಣ್ಣ ಬಳಸಬೇಕು ಎಂದರು. ಪಟ್ಟಣದ ವಿವಿಧ ಬಡಾವಣೆಗಳಲ್ಲಿ ಸಾವಿರಾರು ಜನರು ಬಣ್ಣದಾಟದಲ್ಲಿ ಪಾಲ್ಗೊಂಡರು. ಯುವಕರು ಹಲಗೆ ಬಾರಿಸುತ್ತ ಸಂಭ್ರಮಿಸಿದರು. ಪೊಲೀಸರು ಬಿಗಿ ಬಂದೋಬಸ್ತ್ ಮಾಡಿದ್ದರು.
